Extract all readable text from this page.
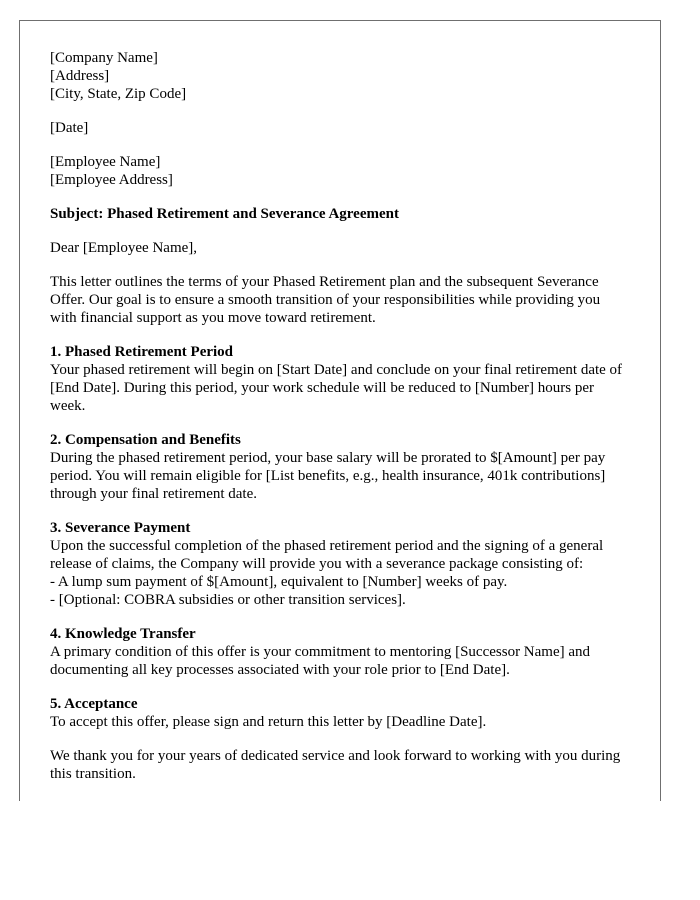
[Company Name]
[Address]
[City, State, Zip Code]
[Date]
[Employee Name]
[Employee Address]
Subject: Phased Retirement and Severance Agreement
Dear [Employee Name],

This letter outlines the terms of your Phased Retirement plan and the subsequent Severance Offer. Our goal is to ensure a smooth transition of your responsibilities while providing you with financial support as you move toward retirement.

1. Phased Retirement Period
Your phased retirement will begin on [Start Date] and conclude on your final retirement date of [End Date]. During this period, your work schedule will be reduced to [Number] hours per week.
2. Compensation and Benefits
During the phased retirement period, your base salary will be prorated to $[Amount] per pay period. You will remain eligible for [List benefits, e.g., health insurance, 401k contributions] through your final retirement date.
3. Severance Payment
Upon the successful completion of the phased retirement period and the signing of a general release of claims, the Company will provide you with a severance package consisting of:
- A lump sum payment of $[Amount], equivalent to [Number] weeks of pay.
- [Optional: COBRA subsidies or other transition services].
4. Knowledge Transfer
A primary condition of this offer is your commitment to mentoring [Successor Name] and documenting all key processes associated with your role prior to [End Date].
5. Acceptance
To accept this offer, please sign and return this letter by [Deadline Date].

We thank you for your years of dedicated service and look forward to working with you during this transition.
